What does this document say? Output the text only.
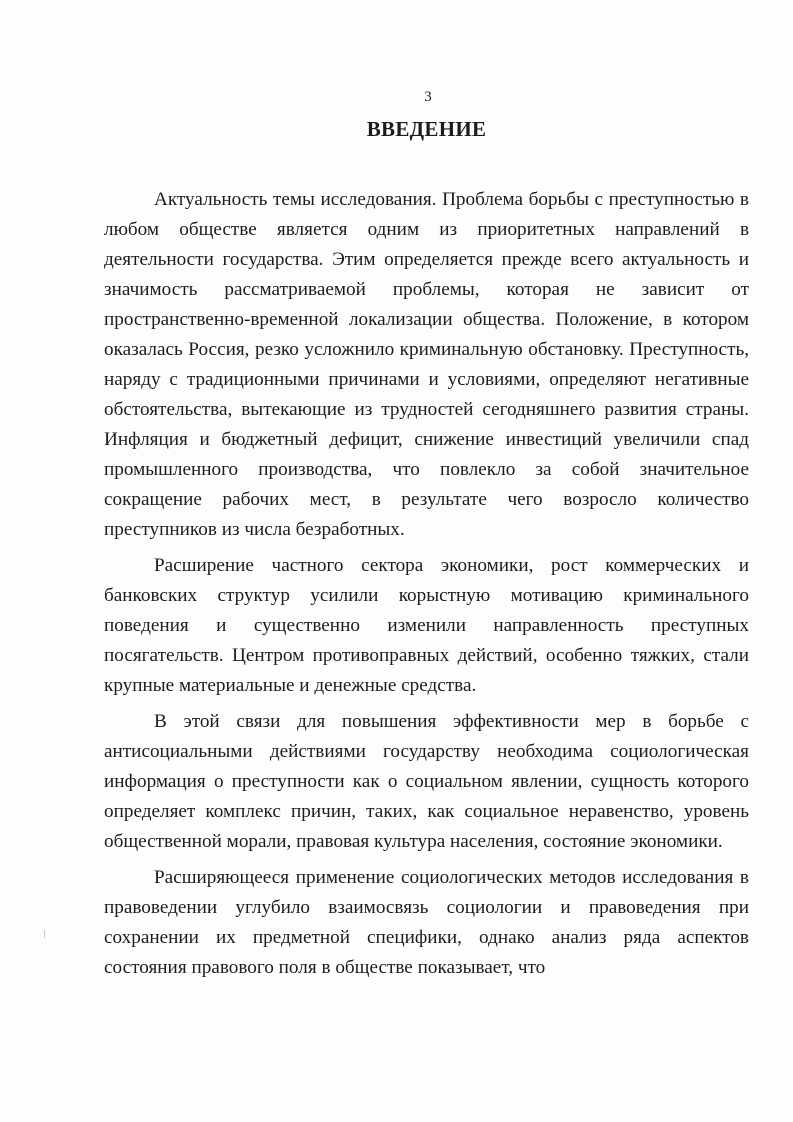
3
ВВЕДЕНИЕ

Актуальность темы исследования. Проблема борьбы с преступностью в любом обществе является одним из приоритетных направлений в деятельности государства. Этим определяется прежде всего актуальность и значимость рассматриваемой проблемы, которая не зависит от пространственно-временной локализации общества. Положение, в котором оказалась Россия, резко усложнило криминальную обстановку. Преступность, наряду с традиционными причинами и условиями, определяют негативные обстоятельства, вытекающие из трудностей сегодняшнего развития страны. Инфляция и бюджетный дефицит, снижение инвестиций увеличили спад промышленного производства, что повлекло за собой значительное сокращение рабочих мест, в результате чего возросло количество преступников из числа безработных.

Расширение частного сектора экономики, рост коммерческих и банковских структур усилили корыстную мотивацию криминального поведения и существенно изменили направленность преступных посягательств. Центром противоправных действий, особенно тяжких, стали крупные материальные и денежные средства.

В этой связи для повышения эффективности мер в борьбе с антисоциальными действиями государству необходима социологическая информация о преступности как о социальном явлении, сущность которого определяет комплекс причин, таких, как социальное неравенство, уровень общественной морали, правовая культура населения, состояние экономики.

Расширяющееся применение социологических методов исследования в правоведении углубило взаимосвязь социологии и правоведения при сохранении их предметной специфики, однако анализ ряда аспектов состояния правового поля в обществе показывает, что
